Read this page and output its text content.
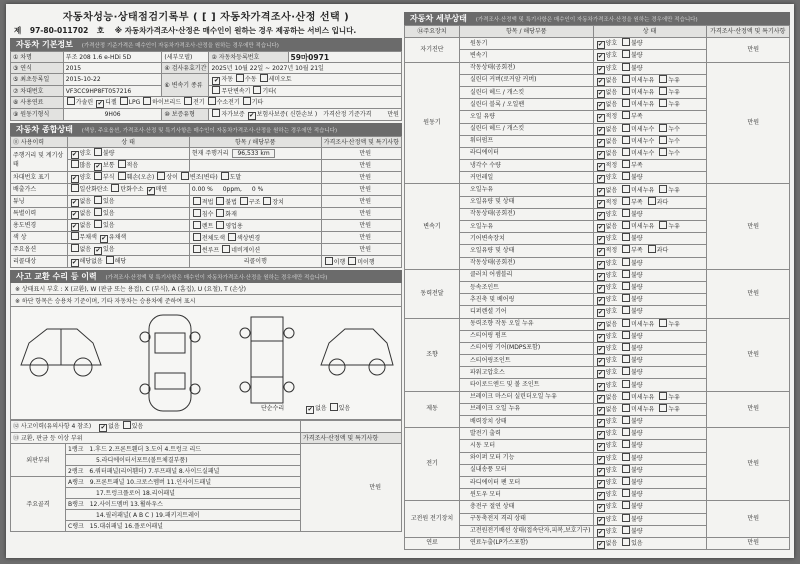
자동차성능·상태점검기록부 ( [ ] 자동차가격조사·산정 선택 )
제 97-80-011702 호 ※ 자동차가격조사·산정은 매수인이 원하는 경우 제공하는 서비스 입니다.
자동차 기본정보 (가격산정 기준가격은 매수인이 자동차가격조사·산정을 원하는 경우에만 적습니다)
① 차명	푸조 208 1.6 e-HDi 5D	(세부모델)	② 자동차등록번호	59마0971
③ 연식	2015	④ 검사유효기간	2025년 10월 22일 ~ 2027년 10월 21일	
⑤ 최초등록일	2015-10-22	⑥ 변속기 종류	✔ 자동 수동 세미오토	
⑦ 차대번호	VF3CC9HP8FT057216		무단변속기 기타(	
⑧ 사용연료	가솔린 ✔ 디젤 LPG 하이브리드 전기 수소전기 기타			
⑨ 원동기형식	9H06	⑩ 보증유형	자가보증 ✔ 보험사보증( 신한손보 ) 가격산정 기준가격 만원	
자동차 종합상태 (색상, 주요옵션, 가격조사·산정 및 특기사항은 매수인이 자동차가격조사·산정을 원하는 경우에만 적습니다)
⑪ 사용이력	상 태	항목 / 해당부품	가격조사·산정액 및 특기사항
주행거리 및 계기상태	✔ 양호 불량	현재 주행거리 96,533 km	만원
	많음 ✔ 보통 적음		만원
차대번호 표기	✔ 양호 부식 훼손(오손) 상이 변조(변타) 도말		만원
배출가스	일산화탄소 탄화수소 ✔ 매연	0.00 % 0ppm, 0 %	만원
튜닝	✔ 없음 있음	적법 불법 구조 장치	만원
특별이력	✔ 없음 있음	침수 화재	만원
용도변경	✔ 없음 있음	렌트 영업용	만원
색 상	무채색 ✔ 유채색	전체도색 색상변경	만원
주요옵션	없음 ✔ 있음	썬루프 네비게이션	만원
리콜대상	✔ 해당없음 해당	리콜이행	이행 미이행
사고 교환 수리 등 이력 (가격조사·산정액 및 특기사항은 매수인이 자동차가격조사·산정을 원하는 경우에만 적습니다)
※ 상태표시 부호 : X (교환), W (판금 또는 용접), C (부식), A (흠집), U (요철), T (손상)
※ 하단 항목은 승용차 기준이며, 기타 자동차는 승용차에 준하여 표시
단순수리	✔ 없음 있음
⑫ 사고이력(유의사항 4 참조) ✔ 없음 있음		
⑬ 교환, 판금 등 이상 부위		가격조사·산정액 및 특기사항
외판부위	1랭크 1.후드 2.프론트휀더 3.도어 4.트렁크 리드	만원
	5.라디에이터서포트(볼트체결부품)	
	2랭크 6.쿼터패널(리어휀더) 7.루프패널 8.사이드실패널	
주요골격	A랭크 9.프론트패널 10.크로스멤버 11.인사이드패널	
	17.트렁크플로어 18.리어패널	
	B랭크 12.사이드멤버 13.휠하우스	
	14.필러패널( A B C ) 19.패키지트레이	
	C랭크 15.대쉬패널 16.플로어패널	
자동차 세부상태 (가격조사·산정액 및 특기사항은 매수인이 자동차가격조사·산정을 원하는 경우에만 적습니다)
⑭주요장치	항목 / 해당부품	상 태	가격조사·산정액 및 특기사항
자기진단	원동기	✔ 양호 불량	만원
	변속기	✔ 양호 불량	
원동기	작동상태(공회전)	✔ 양호 불량	만원
	실린더 커버(로커암 커버)	✔ 없음 미세누유 누유	
	실린더 헤드 / 개스킷	✔ 없음 미세누유 누유	
	실린더 블록 / 오일팬	✔ 없음 미세누유 누유	
	오일 유량	✔ 적정 부족	
	실린더 헤드 / 개스킷	✔ 없음 미세누수 누수	
	워터펌프	✔ 없음 미세누수 누수	
	라디에이터	✔ 없음 미세누수 누수	
	냉각수 수량	✔ 적정 부족	
	커먼레일	✔ 양호 불량	
변속기	오일누유	✔ 없음 미세누유 누유	만원
	오일유량 및 상태	✔ 적정 부족 과다	
	작동상태(공회전)	✔ 양호 불량	
	오일누유	✔ 없음 미세누유 누유	
	기어변속장치	✔ 양호 불량	
	오일유량 및 상태	✔ 적정 부족 과다	
	작동상태(공회전)	✔ 양호 불량	
동력전달	클러치 어셈블리	✔ 양호 불량	만원
	등속조인트	✔ 양호 불량	
	추진축 및 베어링	✔ 양호 불량	
	디퍼렌셜 기어	✔ 양호 불량	
조향	동력조향 작동 오일 누유	✔ 없음 미세누유 누유	만원
	스티어링 펌프	✔ 양호 불량	
	스티어링 기어(MDPS포함)	✔ 양호 불량	
	스티어링조인트	✔ 양호 불량	
	파워고압호스	✔ 양호 불량	
	타이로드엔드 및 볼 조인트	✔ 양호 불량	
제동	브레이크 마스터 실린더오일 누유	✔ 없음 미세누유 누유	만원
	브레이크 오일 누유	✔ 없음 미세누유 누유	
	배력장치 상태	✔ 양호 불량	
전기	발전기 출력	✔ 양호 불량	만원
	시동 모터	✔ 양호 불량	
	와이퍼 모터 기능	✔ 양호 불량	
	실내송풍 모터	✔ 양호 불량	
	라디에이터 팬 모터	✔ 양호 불량	
	윈도우 모터	✔ 양호 불량	
고전원 전기장치	충전구 절연 상태	✔ 양호 불량	만원
	구동축전지 격리 상태	✔ 양호 불량	
	고전원전기배선 상태(접속단자,피복,보호기구)	✔ 양호 불량	
연료	연료누출(LP가스포함)	✔ 없음 있음	만원
